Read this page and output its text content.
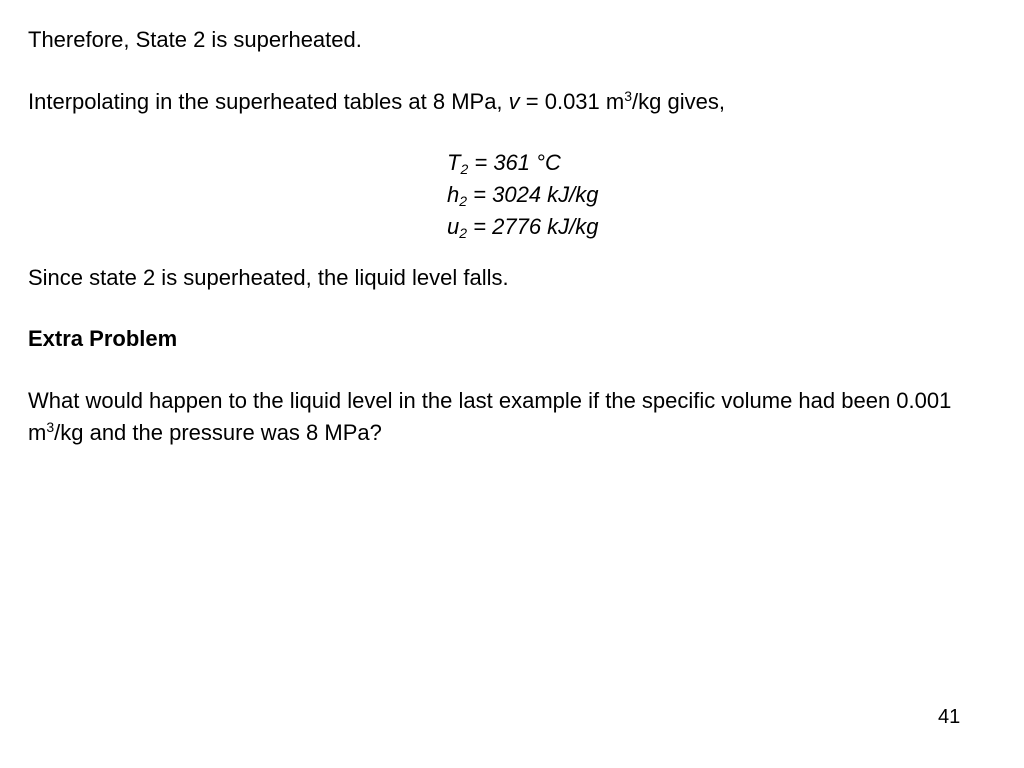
Therefore, State 2 is superheated.

Interpolating in the superheated tables at 8 MPa, v = 0.031 $m^3/kg$ gives,

$T_2 = 361$ °C
$h_2 = 3024$ kJ/kg
$u_2 = 2776$ kJ/kg

Since state 2 is superheated, the liquid level falls.

Extra Problem

What would happen to the liquid level in the last example if the specific volume had been 0.001 $m^3/kg$ and the pressure was 8 MPa?

41
